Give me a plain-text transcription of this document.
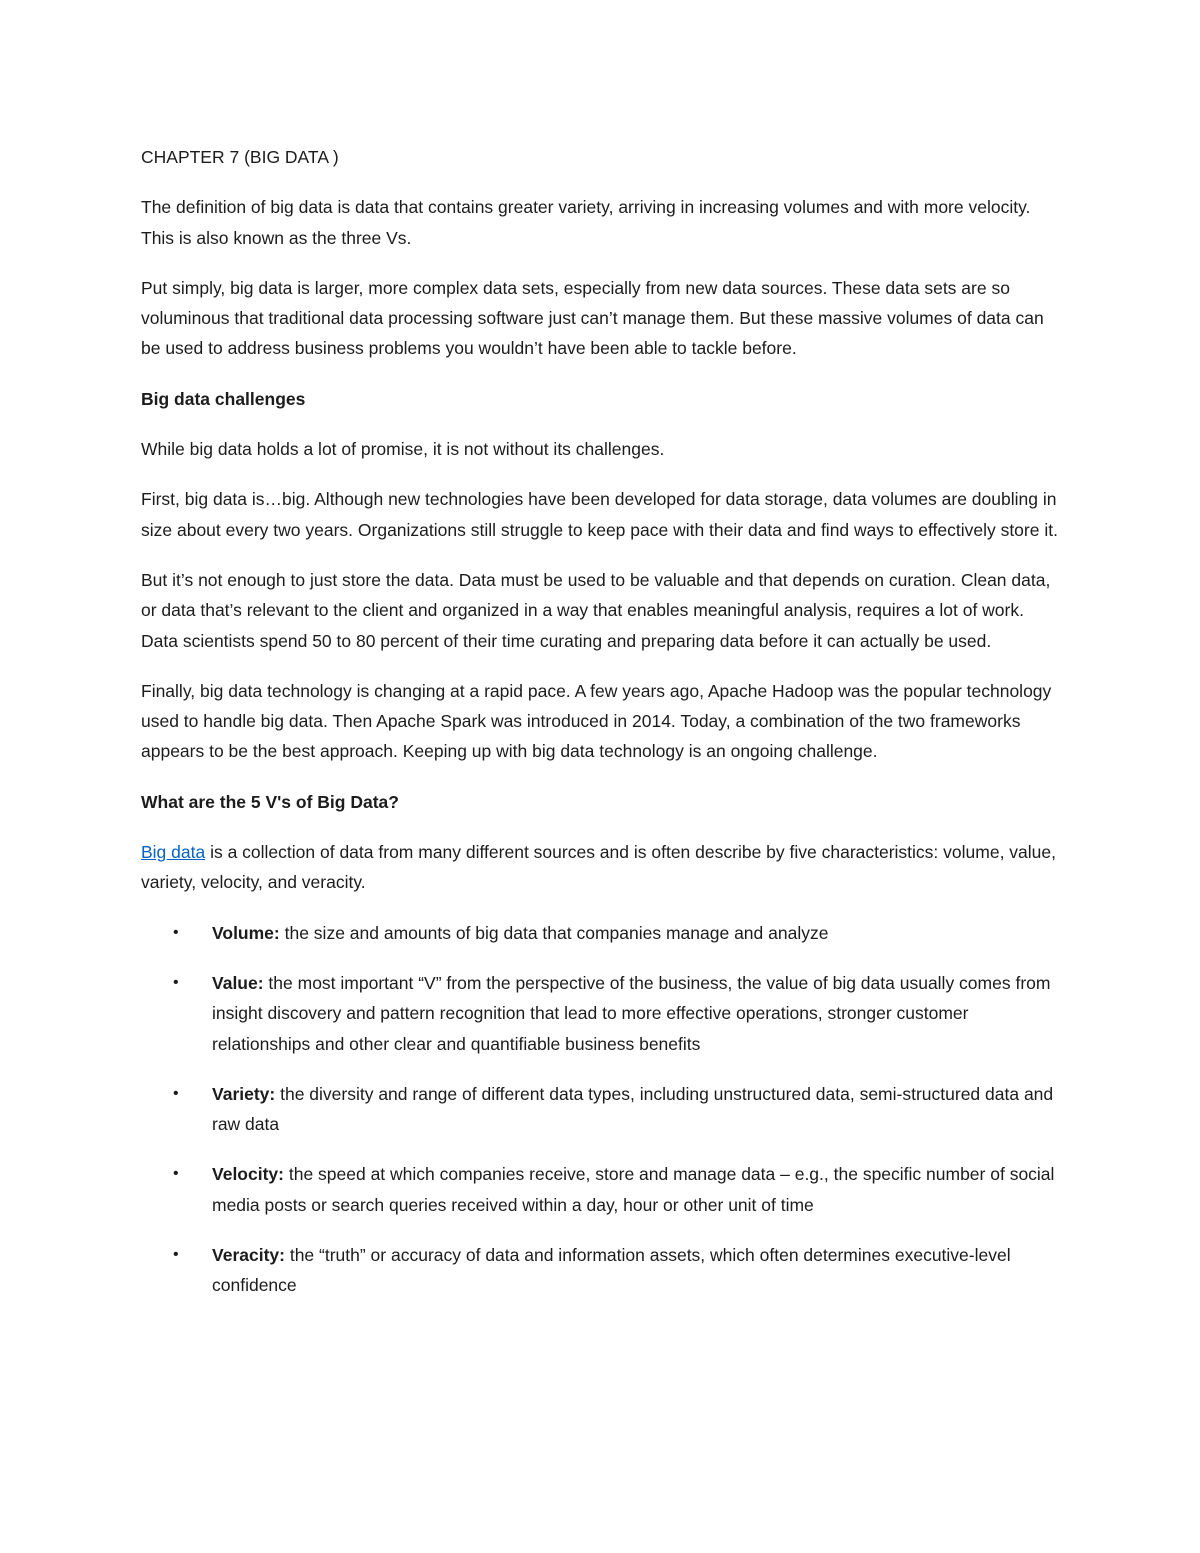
CHAPTER 7 (BIG DATA )

The definition of big data is data that contains greater variety, arriving in increasing volumes and with more velocity. This is also known as the three Vs.

Put simply, big data is larger, more complex data sets, especially from new data sources. These data sets are so voluminous that traditional data processing software just can’t manage them. But these massive volumes of data can be used to address business problems you wouldn’t have been able to tackle before.

Big data challenges

While big data holds a lot of promise, it is not without its challenges.

First, big data is…big. Although new technologies have been developed for data storage, data volumes are doubling in size about every two years. Organizations still struggle to keep pace with their data and find ways to effectively store it.

But it’s not enough to just store the data. Data must be used to be valuable and that depends on curation. Clean data, or data that’s relevant to the client and organized in a way that enables meaningful analysis, requires a lot of work. Data scientists spend 50 to 80 percent of their time curating and preparing data before it can actually be used.

Finally, big data technology is changing at a rapid pace. A few years ago, Apache Hadoop was the popular technology used to handle big data. Then Apache Spark was introduced in 2014. Today, a combination of the two frameworks appears to be the best approach. Keeping up with big data technology is an ongoing challenge.

What are the 5 V's of Big Data?

Big data is a collection of data from many different sources and is often describe by five characteristics: volume, value, variety, velocity, and veracity.

• Volume: the size and amounts of big data that companies manage and analyze
• Value: the most important “V” from the perspective of the business, the value of big data usually comes from insight discovery and pattern recognition that lead to more effective operations, stronger customer relationships and other clear and quantifiable business benefits
• Variety: the diversity and range of different data types, including unstructured data, semi-structured data and raw data
• Velocity: the speed at which companies receive, store and manage data – e.g., the specific number of social media posts or search queries received within a day, hour or other unit of time
• Veracity: the “truth” or accuracy of data and information assets, which often determines executive-level confidence
